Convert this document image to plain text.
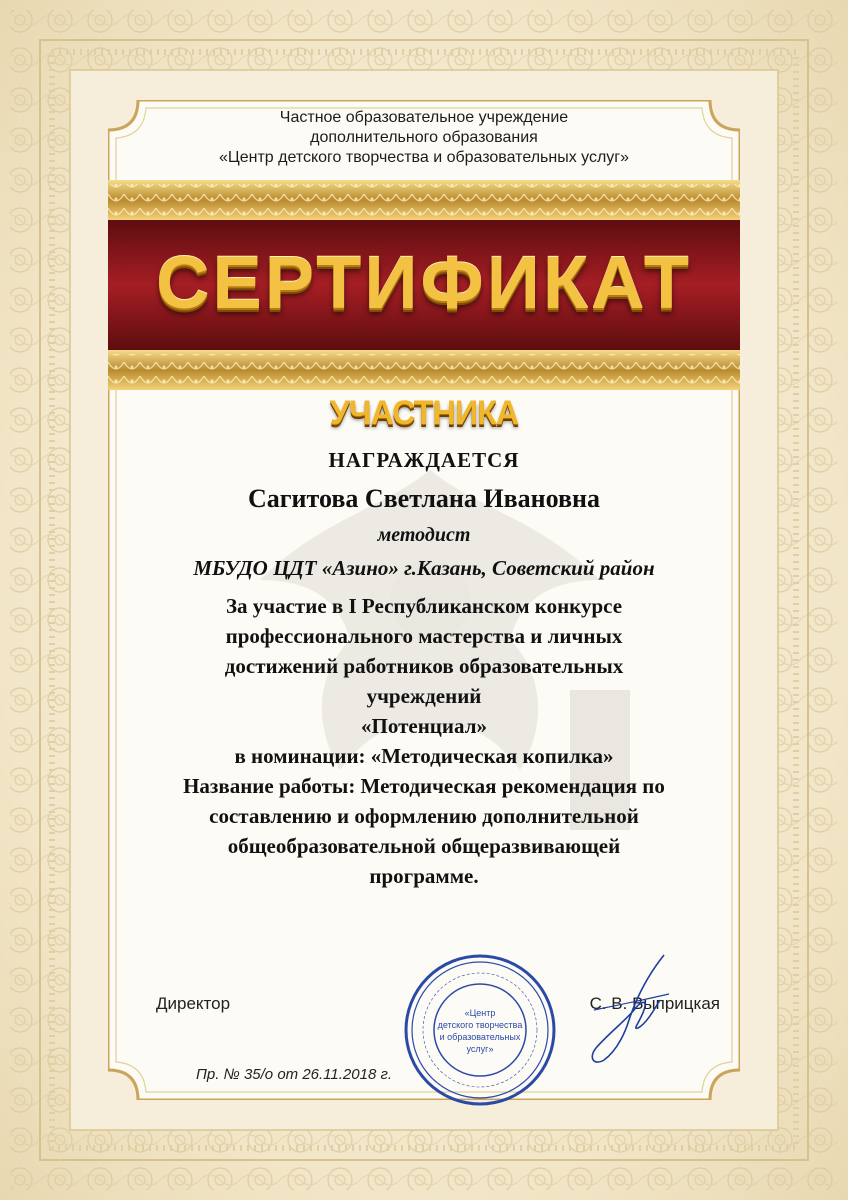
Частное образовательное учреждение
дополнительного образования
«Центр детского творчества и образовательных услуг»
СЕРТИФИКАТ
УЧАСТНИКА
НАГРАЖДАЕТСЯ
Сагитова Светлана Ивановна
методист
МБУДО ЦДТ «Азино» г.Казань, Советский район
За участие в I Республиканском конкурсе
профессионального мастерства и личных
достижений работников образовательных
учреждений
«Потенциал»
в номинации: «Методическая копилка»
Название работы: Методическая рекомендация по
составлению и оформлению дополнительной
общеобразовательной общеразвивающей
программе.
«Центр
детского творчества
и образовательных
услуг»
Директор	С. В. Выприцкая
Пр. № 35/о от 26.11.2018 г.
